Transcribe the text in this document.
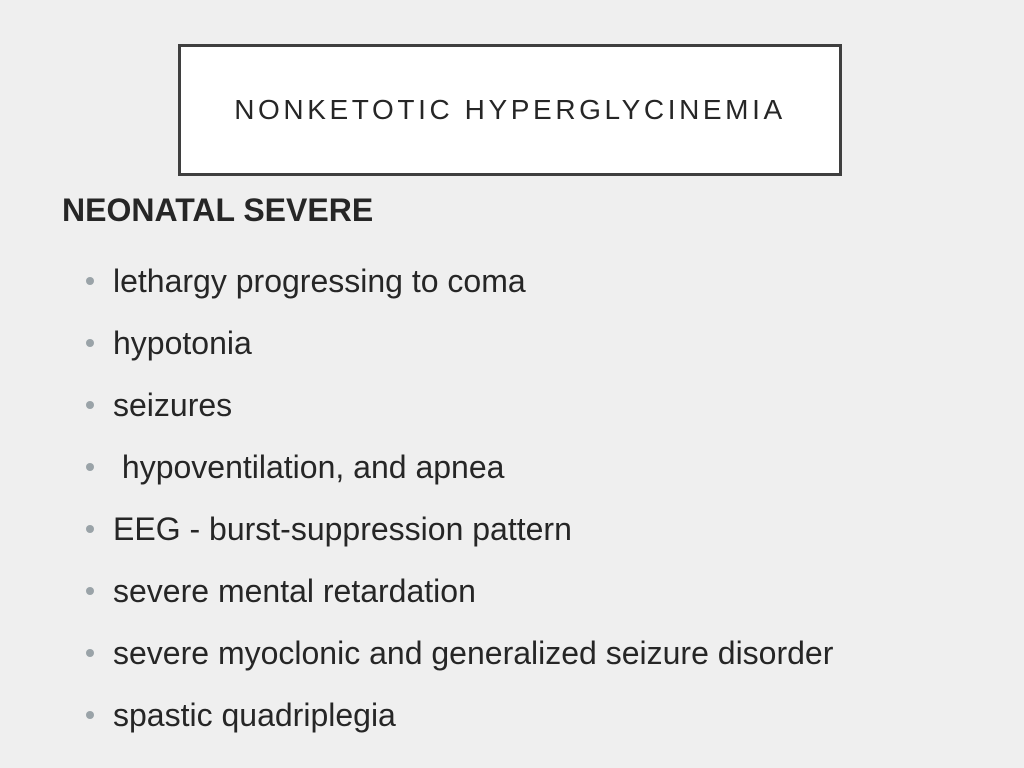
NONKETOTIC HYPERGLYCINEMIA
NEONATAL SEVERE
lethargy progressing to coma
hypotonia
seizures
hypoventilation, and apnea
EEG - burst-suppression pattern
severe mental retardation
severe myoclonic and generalized seizure disorder
spastic quadriplegia
